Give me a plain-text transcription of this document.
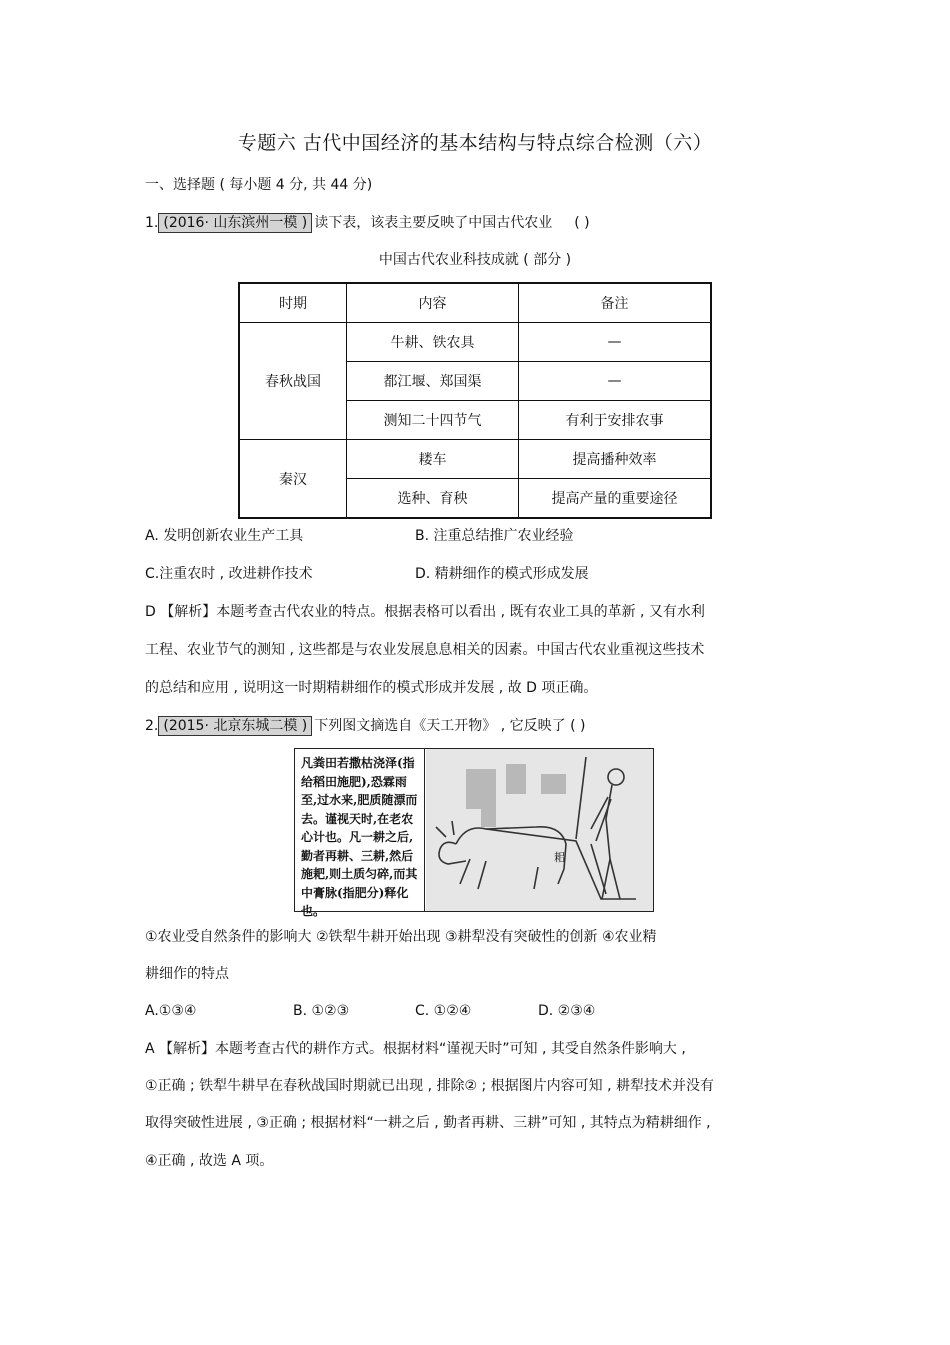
专题六 古代中国经济的基本结构与特点综合检测（六）
一、选择题 ( 每小题 4 分, 共 44 分)
1. (2016· 山东滨州一模 ) 读下表，该表主要反映了中国古代农业 ( )
中国古代农业科技成就 ( 部分 )
时期	内容	备注
春秋战国	牛耕、铁农具	—
	都江堰、郑国渠	—
	测知二十四节气	有利于安排农事
秦汉	耧车	提高播种效率
	选种、育秧	提高产量的重要途径
A. 发明创新农业生产工具	B. 注重总结推广农业经验
C.注重农时 , 改进耕作技术	D. 精耕细作的模式形成发展
D 【解析】本题考查古代农业的特点。根据表格可以看出 , 既有农业工具的革新 , 又有水利
工程、农业节气的测知 , 这些都是与农业发展息息相关的因素。中国古代农业重视这些技术
的总结和应用 , 说明这一时期精耕细作的模式形成并发展 , 故 D 项正确。
2. (2015· 北京东城二模 ) 下列图文摘选自《天工开物》 , 它反映了 ( )
凡粪田若撒枯浇泽(指给稻田施肥),恐霖雨至,过水来,肥质随漂而去。谨视天时,在老农心计也。凡一耕之后,勤者再耕、三耕,然后施耙,则土质匀碎,而其中膏脉(指肥分)释化也。
耜
①农业受自然条件的影响大 ②铁犁牛耕开始出现 ③耕犁没有突破性的创新 ④农业精
耕细作的特点
A.①③④	B. ①②③	C. ①②④	D. ②③④
A 【解析】本题考查古代的耕作方式。根据材料“谨视天时”可知 , 其受自然条件影响大 ,
①正确 ; 铁犁牛耕早在春秋战国时期就已出现 , 排除② ; 根据图片内容可知 , 耕犁技术并没有
取得突破性进展 , ③正确 ; 根据材料“一耕之后 , 勤者再耕、三耕”可知 , 其特点为精耕细作 ,
④正确 , 故选 A 项。
